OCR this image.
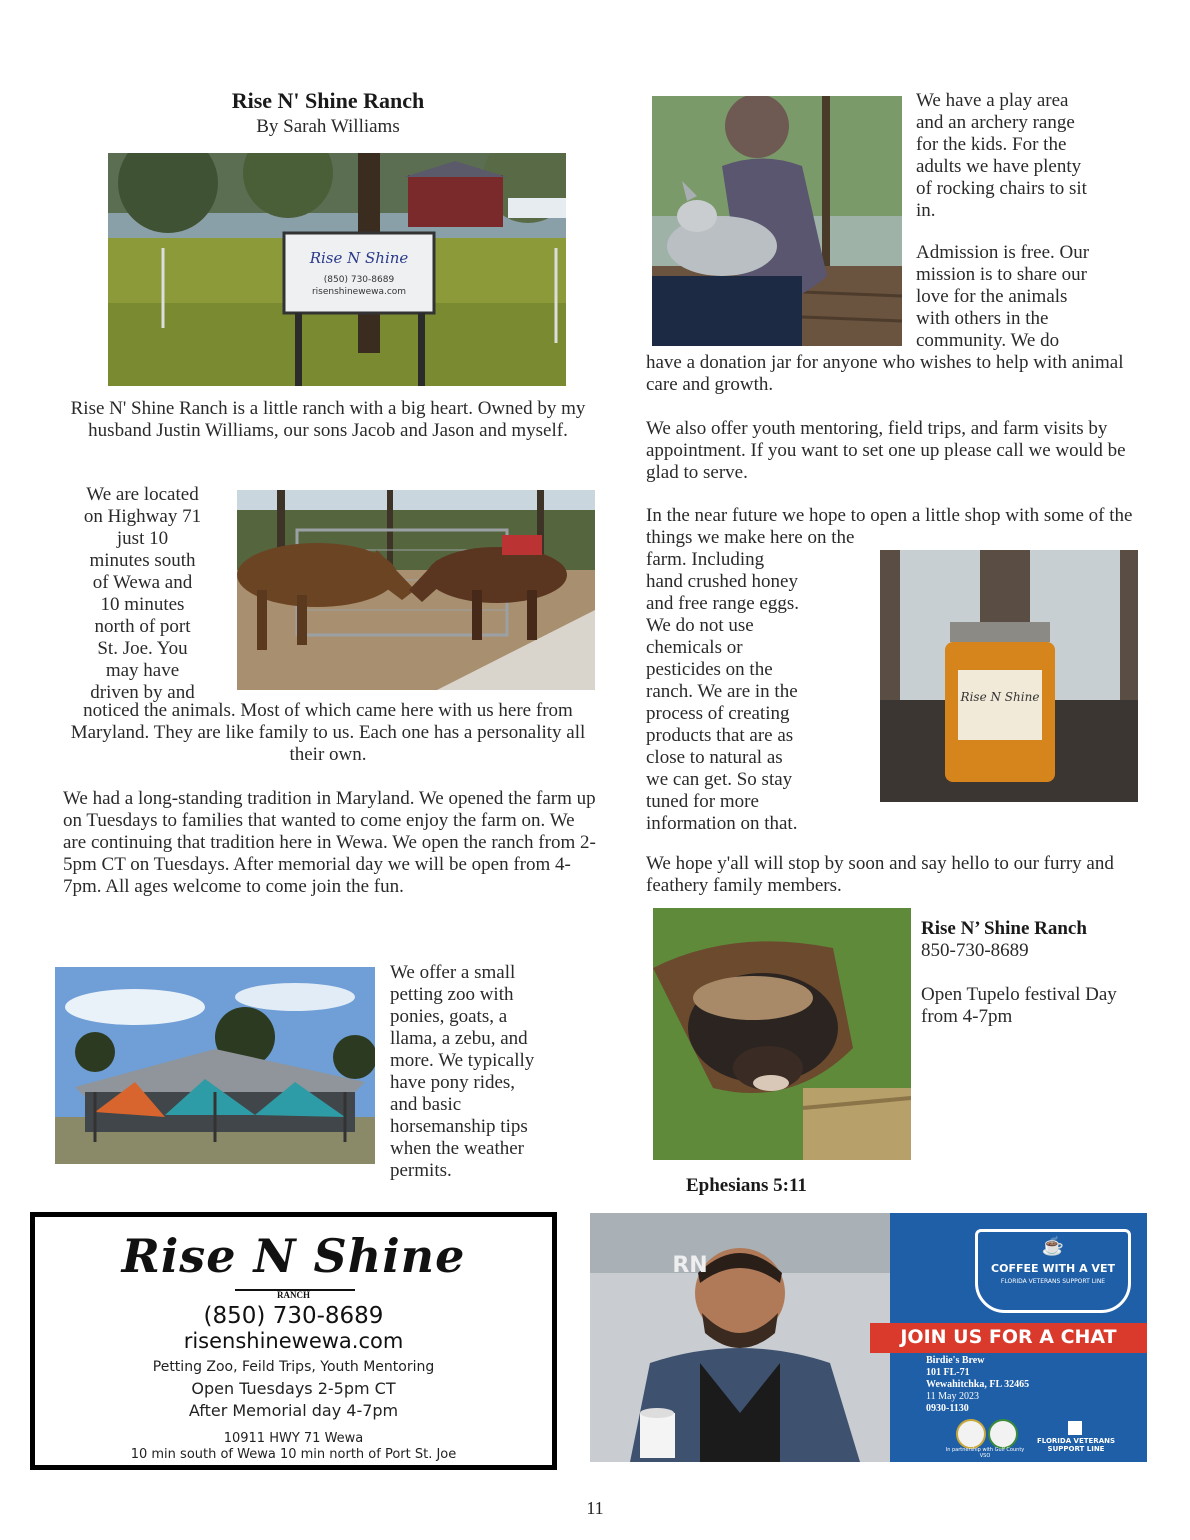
Rise N' Shine Ranch
By Sarah Williams
Rise N Shine
(850) 730-8689
risenshinewewa.com
Rise N' Shine Ranch is a little ranch with a big heart. Owned by my husband Justin Williams, our sons Jacob and Jason and myself.
We are located
on Highway 71
just 10
minutes south
of Wewa and
10 minutes
north of port
St. Joe. You
may have
driven by and
noticed the animals. Most of which came here with us here from Maryland. They are like family to us. Each one has a personality all their own.
We had a long-standing tradition in Maryland. We opened the farm up on Tuesdays to families that wanted to come enjoy the farm on. We are continuing that tradition here in Wewa. We open the ranch from 2-5pm CT on Tuesdays. After memorial day we will be open from 4-7pm. All ages welcome to come join the fun.
We offer a small
petting zoo with
ponies, goats, a
llama, a zebu, and
more. We typically
have pony rides,
and basic
horsemanship tips
when the weather
permits.
We have a play area
and an archery range
for the kids. For the
adults we have plenty
of rocking chairs to sit
in.
Admission is free. Our
mission is to share our
love for the animals
with others in the
community. We do
have a donation jar for anyone who wishes to help with animal care and growth.
We also offer youth mentoring, field trips, and farm visits by appointment. If you want to set one up please call we would be glad to serve.
In the near future we hope to open a little shop with some of the things we make here on the
farm. Including
hand crushed honey
and free range eggs.
We do not use
chemicals or
pesticides on the
ranch. We are in the
process of creating
products that are as
close to natural as
we can get. So stay
tuned for more
information on that.
Rise N Shine
We hope y'all will stop by soon and say hello to our furry and feathery family members.
Rise N’ Shine Ranch
850-730-8689
Open Tupelo festival Day from 4-7pm
Ephesians 5:11
Rise N Shine
RANCH
(850) 730-8689
risenshinewewa.com
Petting Zoo, Feild Trips, Youth Mentoring
Open Tuesdays 2-5pm CT
After Memorial day 4-7pm
10911 HWY 71 Wewa
10 min south of Wewa 10 min north of Port St. Joe
RN
☕
COFFEE WITH A VET
FLORIDA VETERANS SUPPORT LINE
JOIN US FOR A CHAT
Birdie's Brew
101 FL-71
Wewahitchka, FL 32465
11 May 2023
0930-1130
In partnership with Gulf County VSO
FLORIDA VETERANS SUPPORT LINE
11
